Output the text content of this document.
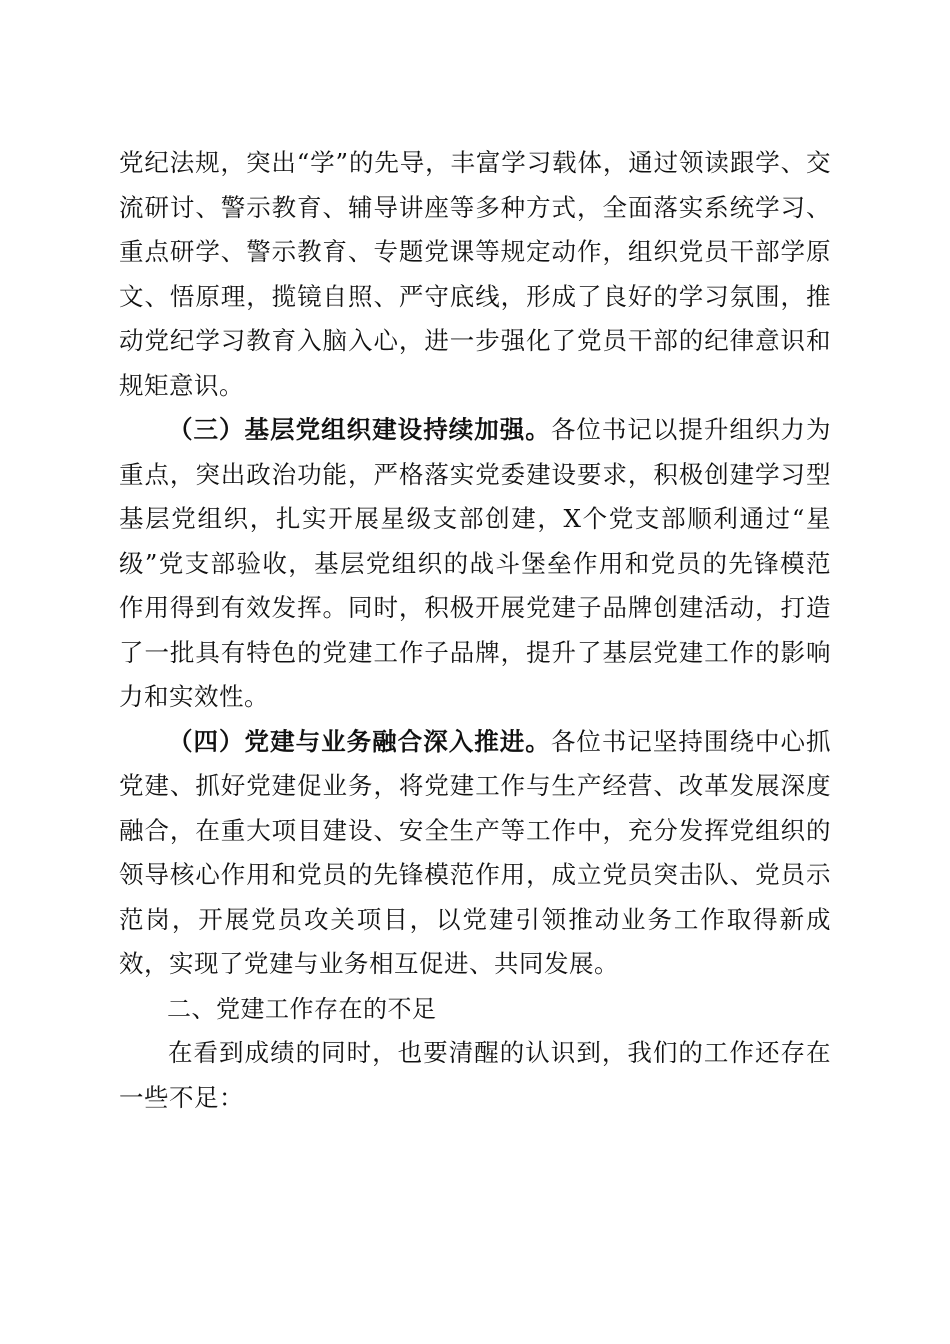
党纪法规，突出“学”的先导，丰富学习载体，通过领读跟学、交流研讨、警示教育、辅导讲座等多种方式，全面落实系统学习、重点研学、警示教育、专题党课等规定动作，组织党员干部学原文、悟原理，揽镜自照、严守底线，形成了良好的学习氛围，推动党纪学习教育入脑入心，进一步强化了党员干部的纪律意识和规矩意识。

（三）基层党组织建设持续加强。各位书记以提升组织力为重点，突出政治功能，严格落实党委建设要求，积极创建学习型基层党组织，扎实开展星级支部创建，X个党支部顺利通过“星级”党支部验收，基层党组织的战斗堡垒作用和党员的先锋模范作用得到有效发挥。同时，积极开展党建子品牌创建活动，打造了一批具有特色的党建工作子品牌，提升了基层党建工作的影响力和实效性。

（四）党建与业务融合深入推进。各位书记坚持围绕中心抓党建、抓好党建促业务，将党建工作与生产经营、改革发展深度融合，在重大项目建设、安全生产等工作中，充分发挥党组织的领导核心作用和党员的先锋模范作用，成立党员突击队、党员示范岗，开展党员攻关项目，以党建引领推动业务工作取得新成效，实现了党建与业务相互促进、共同发展。

二、党建工作存在的不足

在看到成绩的同时，也要清醒的认识到，我们的工作还存在一些不足：
